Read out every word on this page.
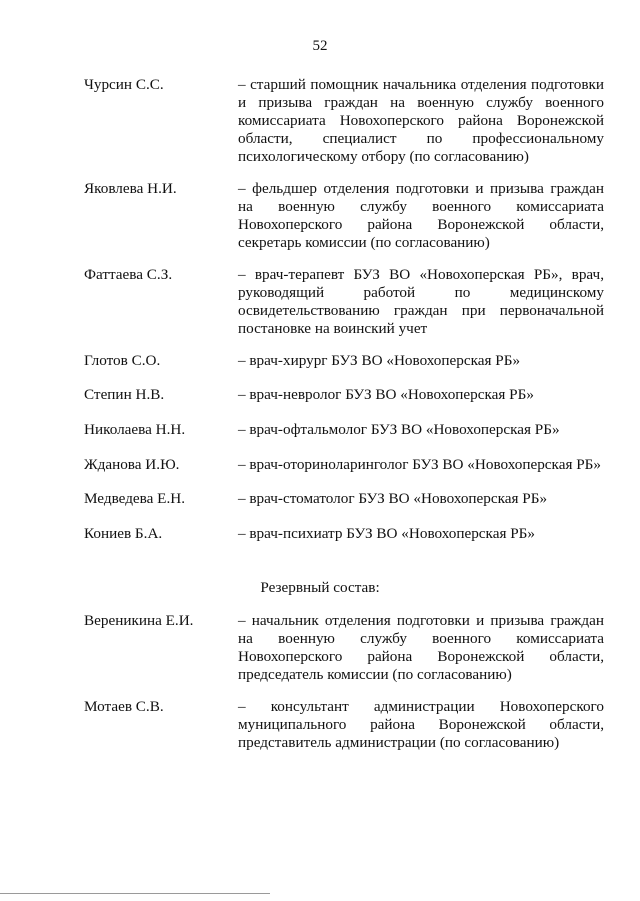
52
Чурсин С.С.	– старший помощник начальника отделения подготовки и призыва граждан на военную службу военного комиссариата Новохоперского района Воронежской области, специалист по профессиональному психологическому отбору (по согласованию)
Яковлева Н.И.	– фельдшер отделения подготовки и призыва граждан на военную службу военного комиссариата Новохоперского района Воронежской области, секретарь комиссии (по согласованию)
Фаттаева С.З.	– врач-терапевт БУЗ ВО «Новохоперская РБ», врач, руководящий работой по медицинскому освидетельствованию граждан при первоначальной постановке на воинский учет
Глотов С.О.	– врач-хирург БУЗ ВО «Новохоперская РБ»
Степин Н.В.	– врач-невролог БУЗ ВО «Новохоперская РБ»
Николаева Н.Н.	– врач-офтальмолог БУЗ ВО «Новохоперская РБ»
Жданова И.Ю.	– врач-оториноларинголог БУЗ ВО «Новохоперская РБ»
Медведева Е.Н.	– врач-стоматолог БУЗ ВО «Новохоперская РБ»
Кониев Б.А.	– врач-психиатр БУЗ ВО «Новохоперская РБ»
Резервный состав:
Вереникина Е.И.	– начальник отделения подготовки и призыва граждан на военную службу военного комиссариата Новохоперского района Воронежской области, председатель комиссии (по согласованию)
Мотаев С.В.	– консультант администрации Новохоперского муниципального района Воронежской области, представитель администрации (по согласованию)
